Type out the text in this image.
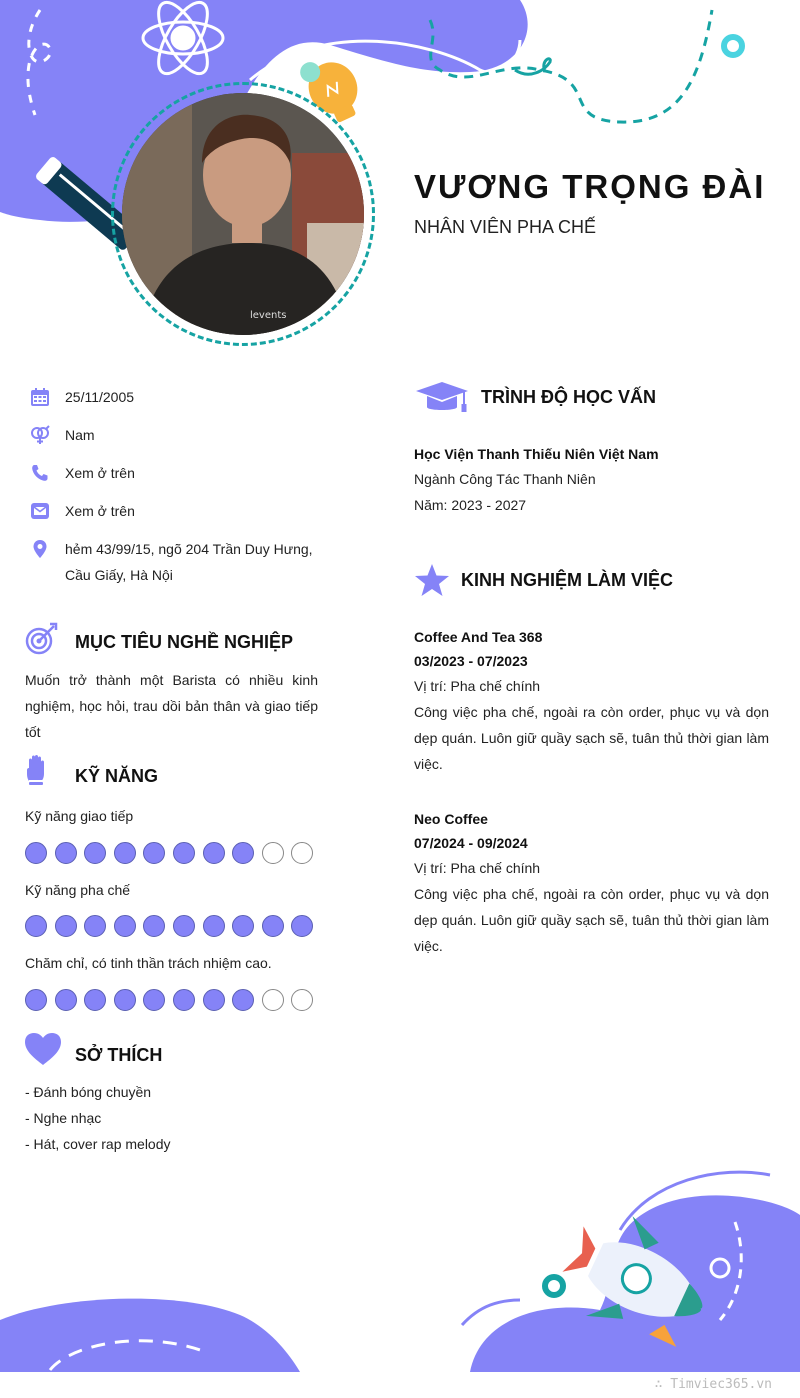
levents
VƯƠNG TRỌNG ĐÀI
NHÂN VIÊN PHA CHẾ
25/11/2005
Nam
Xem ở trên
Xem ở trên
hẻm 43/99/15, ngõ 204 Trần Duy Hưng, Cầu Giấy, Hà Nội
MỤC TIÊU NGHỀ NGHIỆP
Muốn trở thành một Barista có nhiều kinh nghiệm, học hỏi, trau dồi bản thân và giao tiếp tốt
KỸ NĂNG
Kỹ năng giao tiếp
Kỹ năng pha chế
Chăm chỉ, có tinh thần trách nhiệm cao.
SỞ THÍCH
- Đánh bóng chuyền
- Nghe nhạc
- Hát, cover rap melody
TRÌNH ĐỘ HỌC VẤN
Học Viện Thanh Thiếu Niên Việt Nam
Ngành Công Tác Thanh Niên
Năm: 2023 - 2027
KINH NGHIỆM LÀM VIỆC
Coffee And Tea 368
03/2023 - 07/2023
Vị trí: Pha chế chính
Công việc pha chế, ngoài ra còn order, phục vụ và dọn dẹp quán. Luôn giữ quầy sạch sẽ, tuân thủ thời gian làm việc.
Neo Coffee
07/2024 - 09/2024
Vị trí: Pha chế chính
Công việc pha chế, ngoài ra còn order, phục vụ và dọn dẹp quán. Luôn giữ quầy sạch sẽ, tuân thủ thời gian làm việc.
∴ Timviec365.vn
